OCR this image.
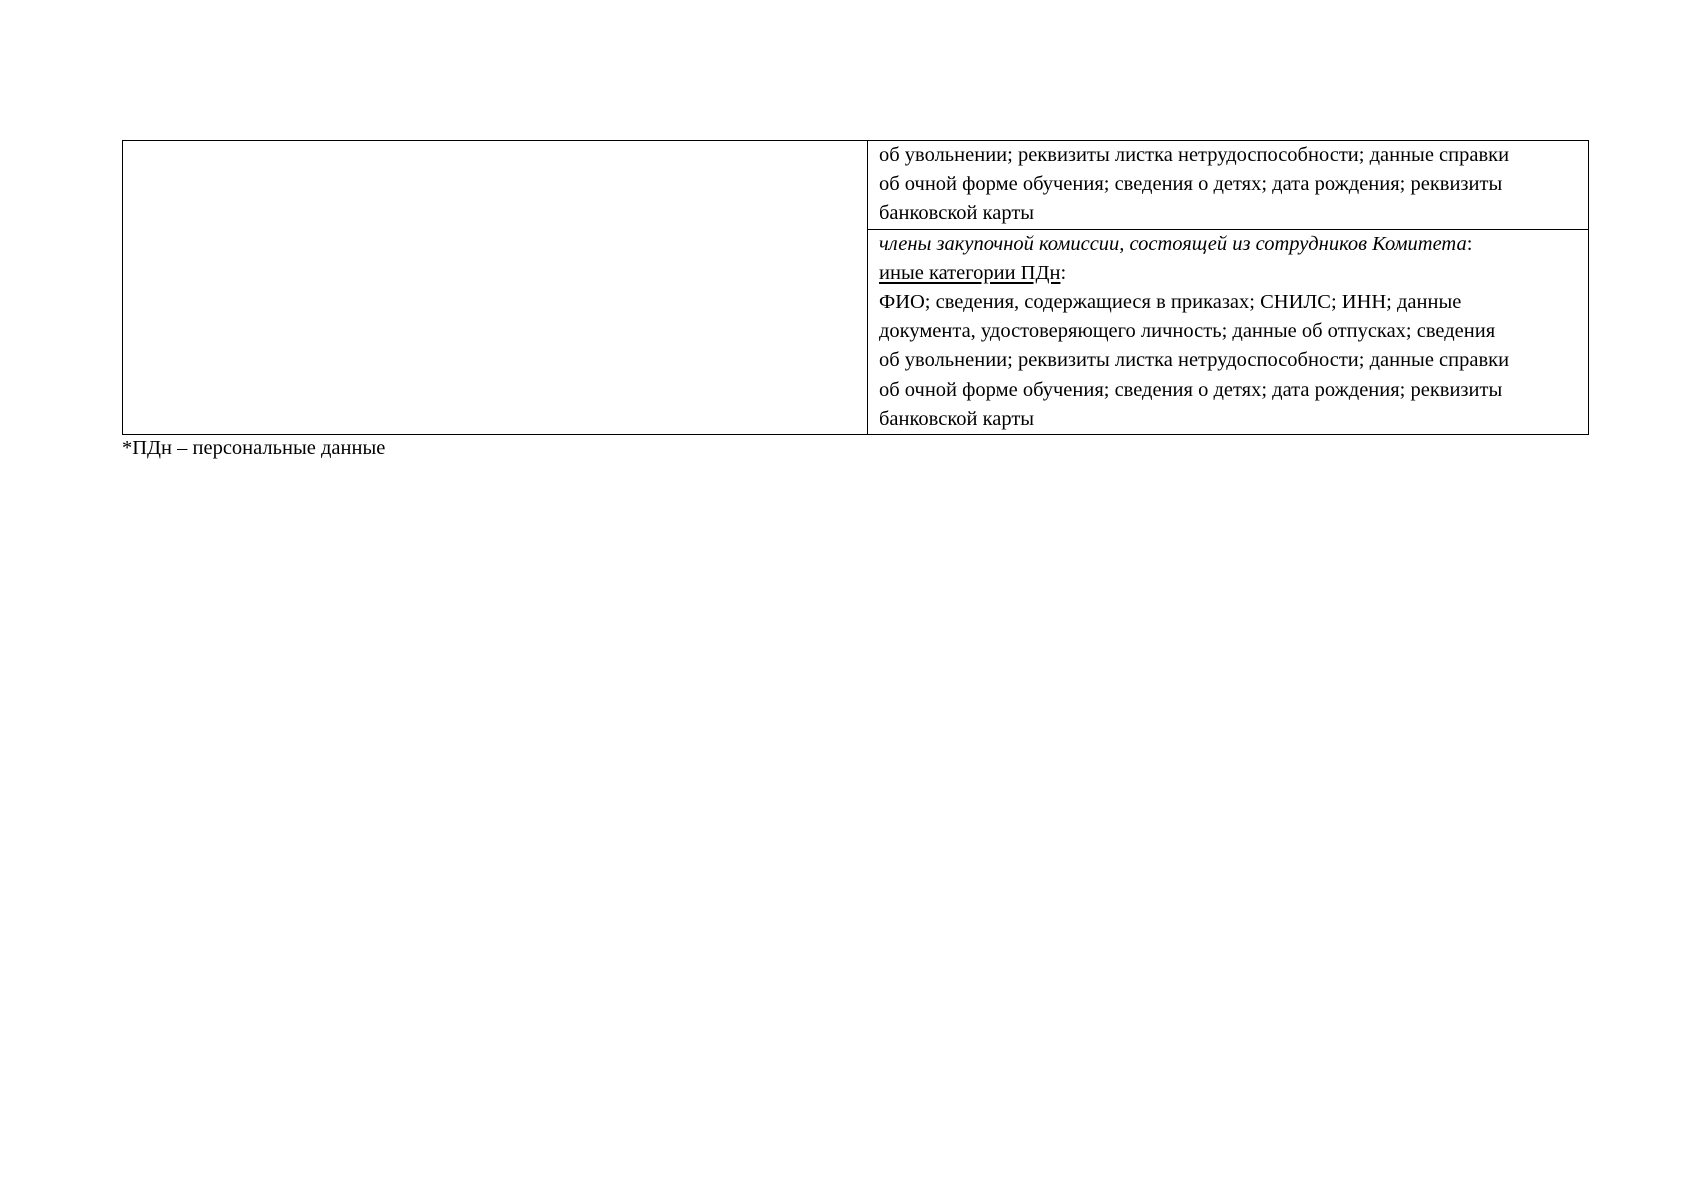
об увольнении; реквизиты листка нетрудоспособности; данные справки
об очной форме обучения; сведения о детях; дата рождения; реквизиты
банковской карты

члены закупочной комиссии, состоящей из сотрудников Комитета:
иные категории ПДн:
ФИО; сведения, содержащиеся в приказах; СНИЛС; ИНН; данные
документа, удостоверяющего личность; данные об отпусках; сведения
об увольнении; реквизиты листка нетрудоспособности; данные справки
об очной форме обучения; сведения о детях; дата рождения; реквизиты
банковской карты
*ПДн – персональные данные
